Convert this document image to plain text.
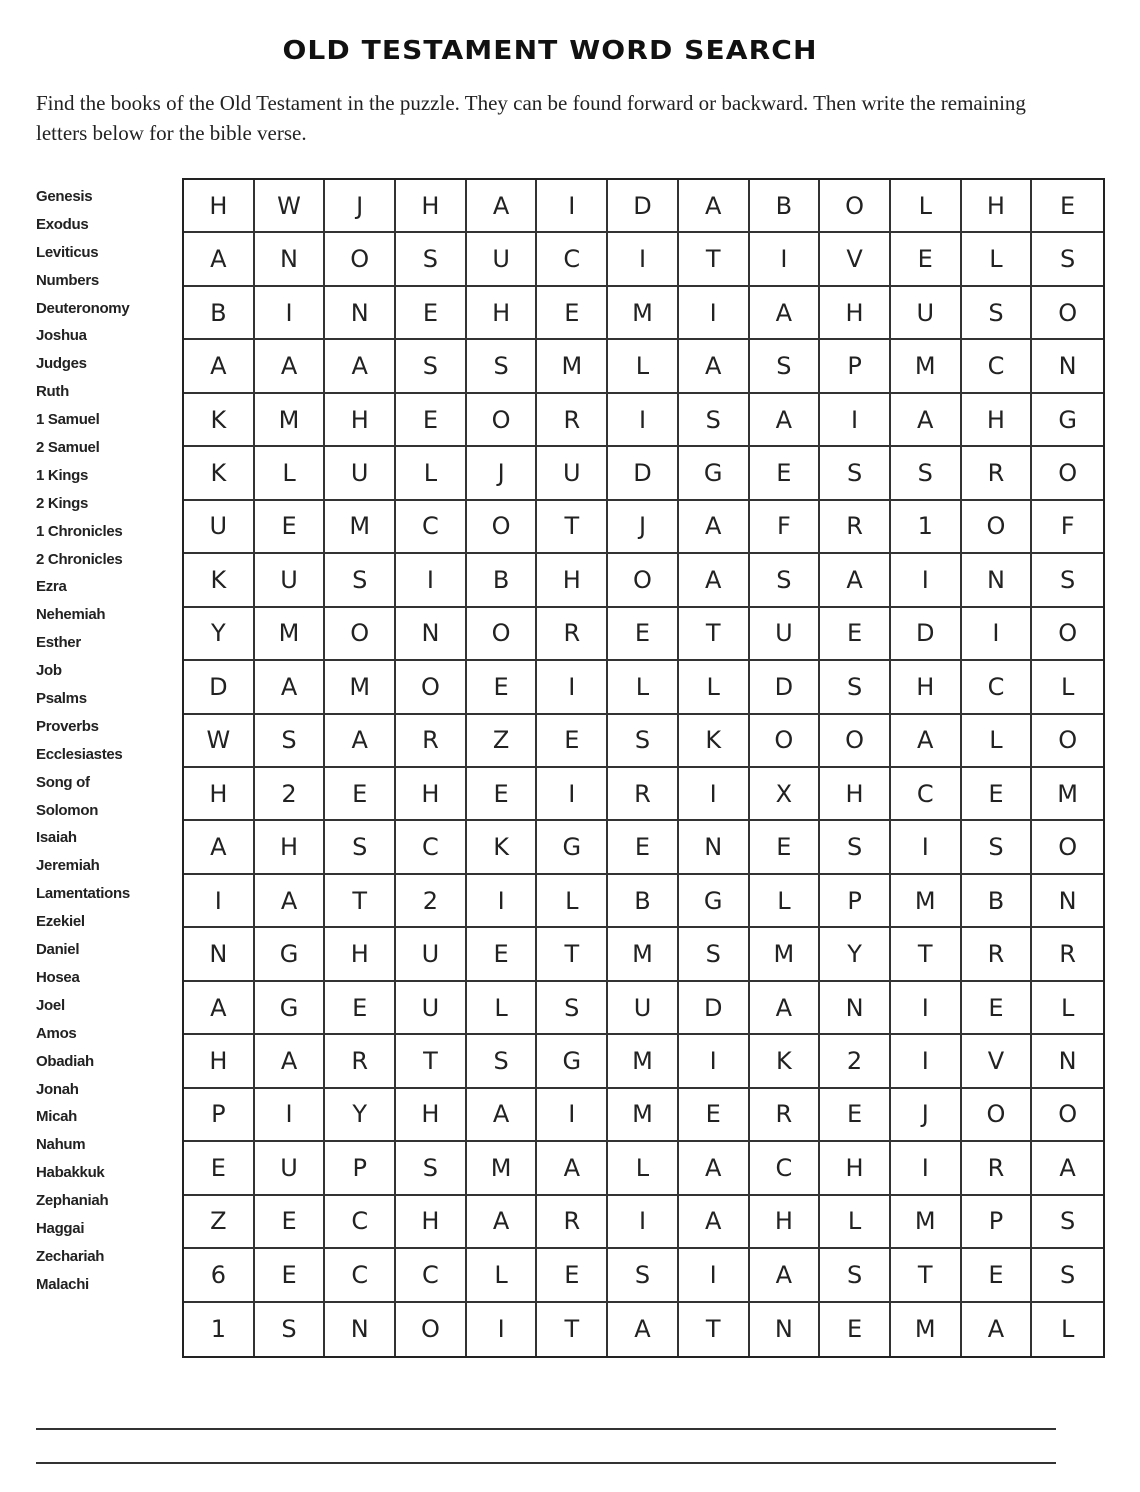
OLD TESTAMENT WORD SEARCH
Find the books of the Old Testament in the puzzle. They can be found forward or backward. Then write the remaining letters below for the bible verse.
Genesis
Exodus
Leviticus
Numbers
Deuteronomy
Joshua
Judges
Ruth
1 Samuel
2 Samuel
1 Kings
2 Kings
1 Chronicles
2 Chronicles
Ezra
Nehemiah
Esther
Job
Psalms
Proverbs
Ecclesiastes
Song of
Solomon
Isaiah
Jeremiah
Lamentations
Ezekiel
Daniel
Hosea
Joel
Amos
Obadiah
Jonah
Micah
Nahum
Habakkuk
Zephaniah
Haggai
Zechariah
Malachi
H	W	J	H	A	I	D	A	B	O	L	H	E
A	N	O	S	U	C	I	T	I	V	E	L	S
B	I	N	E	H	E	M	I	A	H	U	S	O
A	A	A	S	S	M	L	A	S	P	M	C	N
K	M	H	E	O	R	I	S	A	I	A	H	G
K	L	U	L	J	U	D	G	E	S	S	R	O
U	E	M	C	O	T	J	A	F	R	1	O	F
K	U	S	I	B	H	O	A	S	A	I	N	S
Y	M	O	N	O	R	E	T	U	E	D	I	O
D	A	M	O	E	I	L	L	D	S	H	C	L
W	S	A	R	Z	E	S	K	O	O	A	L	O
H	2	E	H	E	I	R	I	X	H	C	E	M
A	H	S	C	K	G	E	N	E	S	I	S	O
I	A	T	2	I	L	B	G	L	P	M	B	N
N	G	H	U	E	T	M	S	M	Y	T	R	R
A	G	E	U	L	S	U	D	A	N	I	E	L
H	A	R	T	S	G	M	I	K	2	I	V	N
P	I	Y	H	A	I	M	E	R	E	J	O	O
E	U	P	S	M	A	L	A	C	H	I	R	A
Z	E	C	H	A	R	I	A	H	L	M	P	S
6	E	C	C	L	E	S	I	A	S	T	E	S
1	S	N	O	I	T	A	T	N	E	M	A	L
